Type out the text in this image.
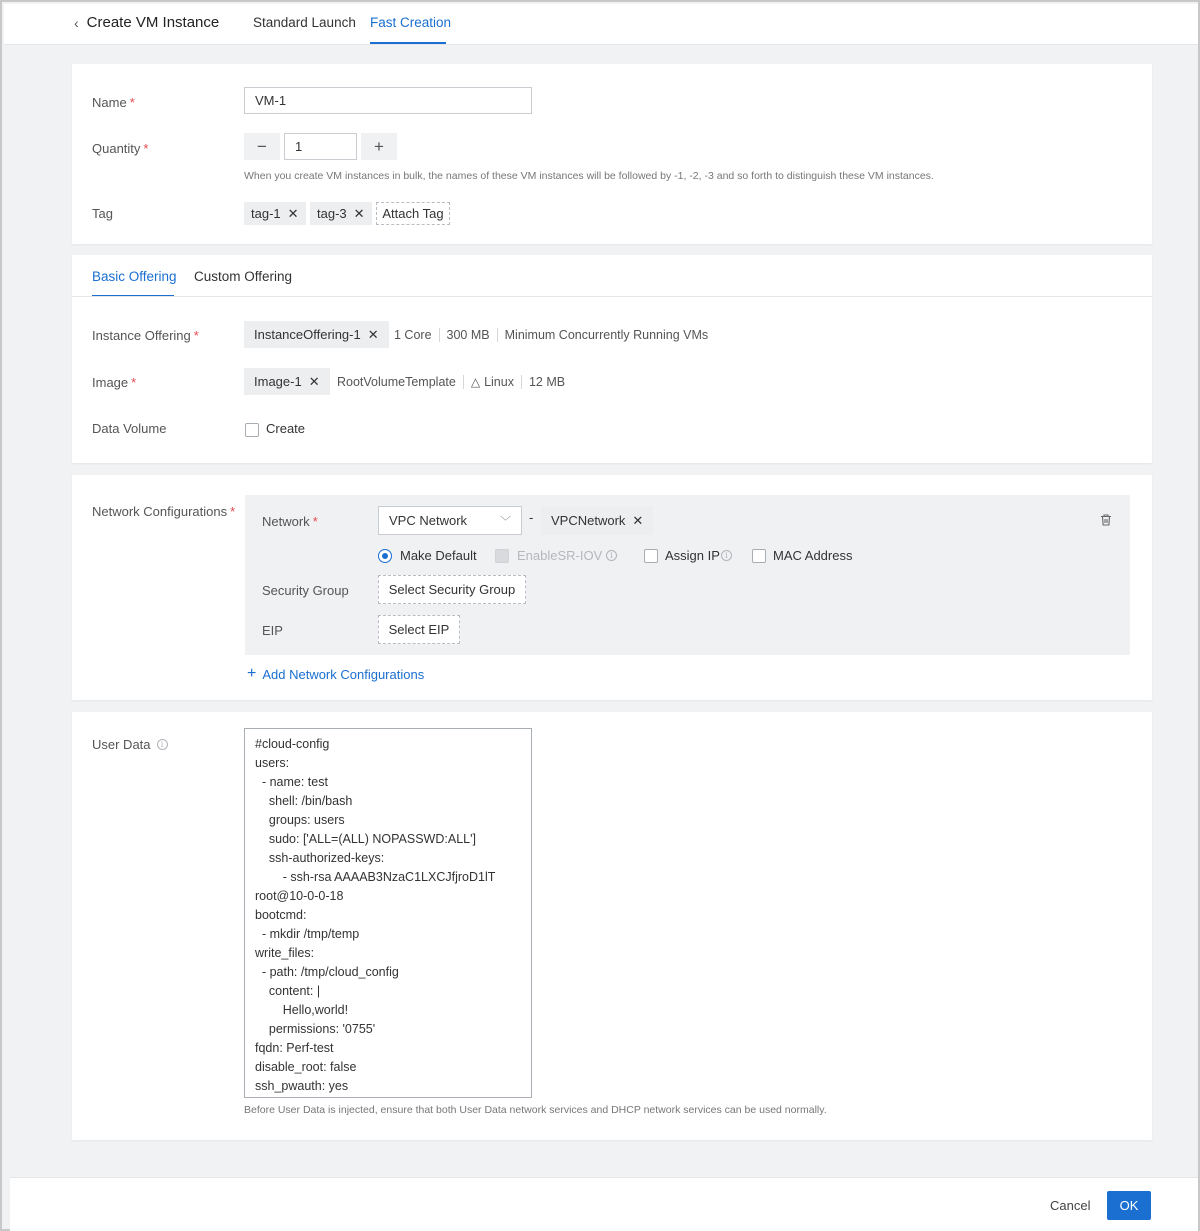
‹ Create VM Instance	Standard Launch Fast Creation
Name *	VM-1
Quantity *	−	1	+
When you create VM instances in bulk, the names of these VM instances will be followed by -1, -2, -3 and so forth to distinguish these VM instances.
Tag	tag-1 ✕ tag-3 ✕	Attach Tag
Basic Offering Custom Offering
Instance Offering *	InstanceOffering-1 ✕ 1 Core 300 MB Minimum Concurrently Running VMs
Image *	Image-1 ✕ RootVolumeTemplate △ Linux 12 MB
Data Volume	Create
Network Configurations *
Network *	VPC Network	﹀ - VPCNetwork ✕
Make Default	EnableSR-IOV i	Assign IP i	MAC Address
Security Group	Select Security Group
EIP	Select EIP
+ Add Network Configurations
User Data	i	#cloud-config
users:
- name: test
shell: /bin/bash
groups: users
sudo: ['ALL=(ALL) NOPASSWD:ALL']
ssh-authorized-keys:
- ssh-rsa AAAAB3NzaC1LXCJfjroD1lT
root@10-0-0-18
bootcmd:
- mkdir /tmp/temp
write_files:
- path: /tmp/cloud_config
content: |
Hello,world!
permissions: '0755'
fqdn: Perf-test
disable_root: false
ssh_pwauth: yes
Before User Data is injected, ensure that both User Data network services and DHCP network services can be used normally.
Cancel	OK
